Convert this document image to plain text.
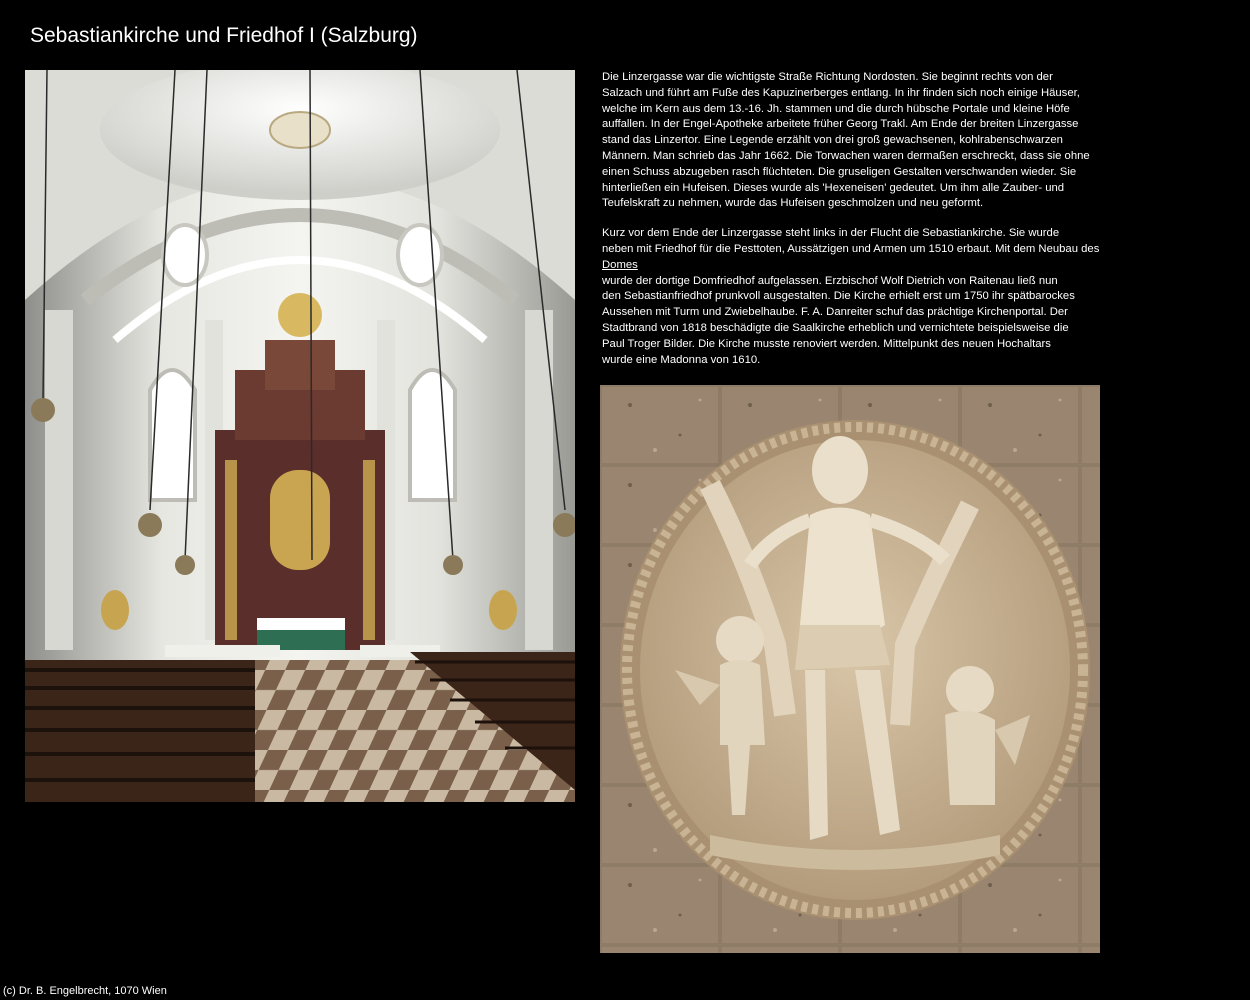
Sebastiankirche und Friedhof I (Salzburg)

Die Linzergasse war die wichtigste Straße Richtung Nordosten. Sie beginnt rechts von der
Salzach und führt am Fuße des Kapuzinerberges entlang. In ihr finden sich noch einige Häuser,
welche im Kern aus dem 13.-16. Jh. stammen und die durch hübsche Portale und kleine Höfe
auffallen. In der Engel-Apotheke arbeitete früher Georg Trakl. Am Ende der breiten Linzergasse
stand das Linzertor. Eine Legende erzählt von drei groß gewachsenen, kohlrabenschwarzen
Männern. Man schrieb das Jahr 1662. Die Torwachen waren dermaßen erschreckt, dass sie ohne
einen Schuss abzugeben rasch flüchteten. Die gruseligen Gestalten verschwanden wieder. Sie
hinterließen ein Hufeisen. Dieses wurde als 'Hexeneisen' gedeutet. Um ihm alle Zauber- und
Teufelskraft zu nehmen, wurde das Hufeisen geschmolzen und neu geformt.

Kurz vor dem Ende der Linzergasse steht links in der Flucht die Sebastiankirche. Sie wurde
neben mit Friedhof für die Pesttoten, Aussätzigen und Armen um 1510 erbaut. Mit dem Neubau des
Domes
wurde der dortige Domfriedhof aufgelassen. Erzbischof Wolf Dietrich von Raitenau ließ nun
den Sebastianfriedhof prunkvoll ausgestalten. Die Kirche erhielt erst um 1750 ihr spätbarockes
Aussehen mit Turm und Zwiebelhaube. F. A. Danreiter schuf das prächtige Kirchenportal. Der
Stadtbrand von 1818 beschädigte die Saalkirche erheblich und vernichtete beispielsweise die
Paul Troger Bilder. Die Kirche musste renoviert werden. Mittelpunkt des neuen Hochaltars
wurde eine Madonna von 1610.

(c) Dr. B. Engelbrecht, 1070 Wien
